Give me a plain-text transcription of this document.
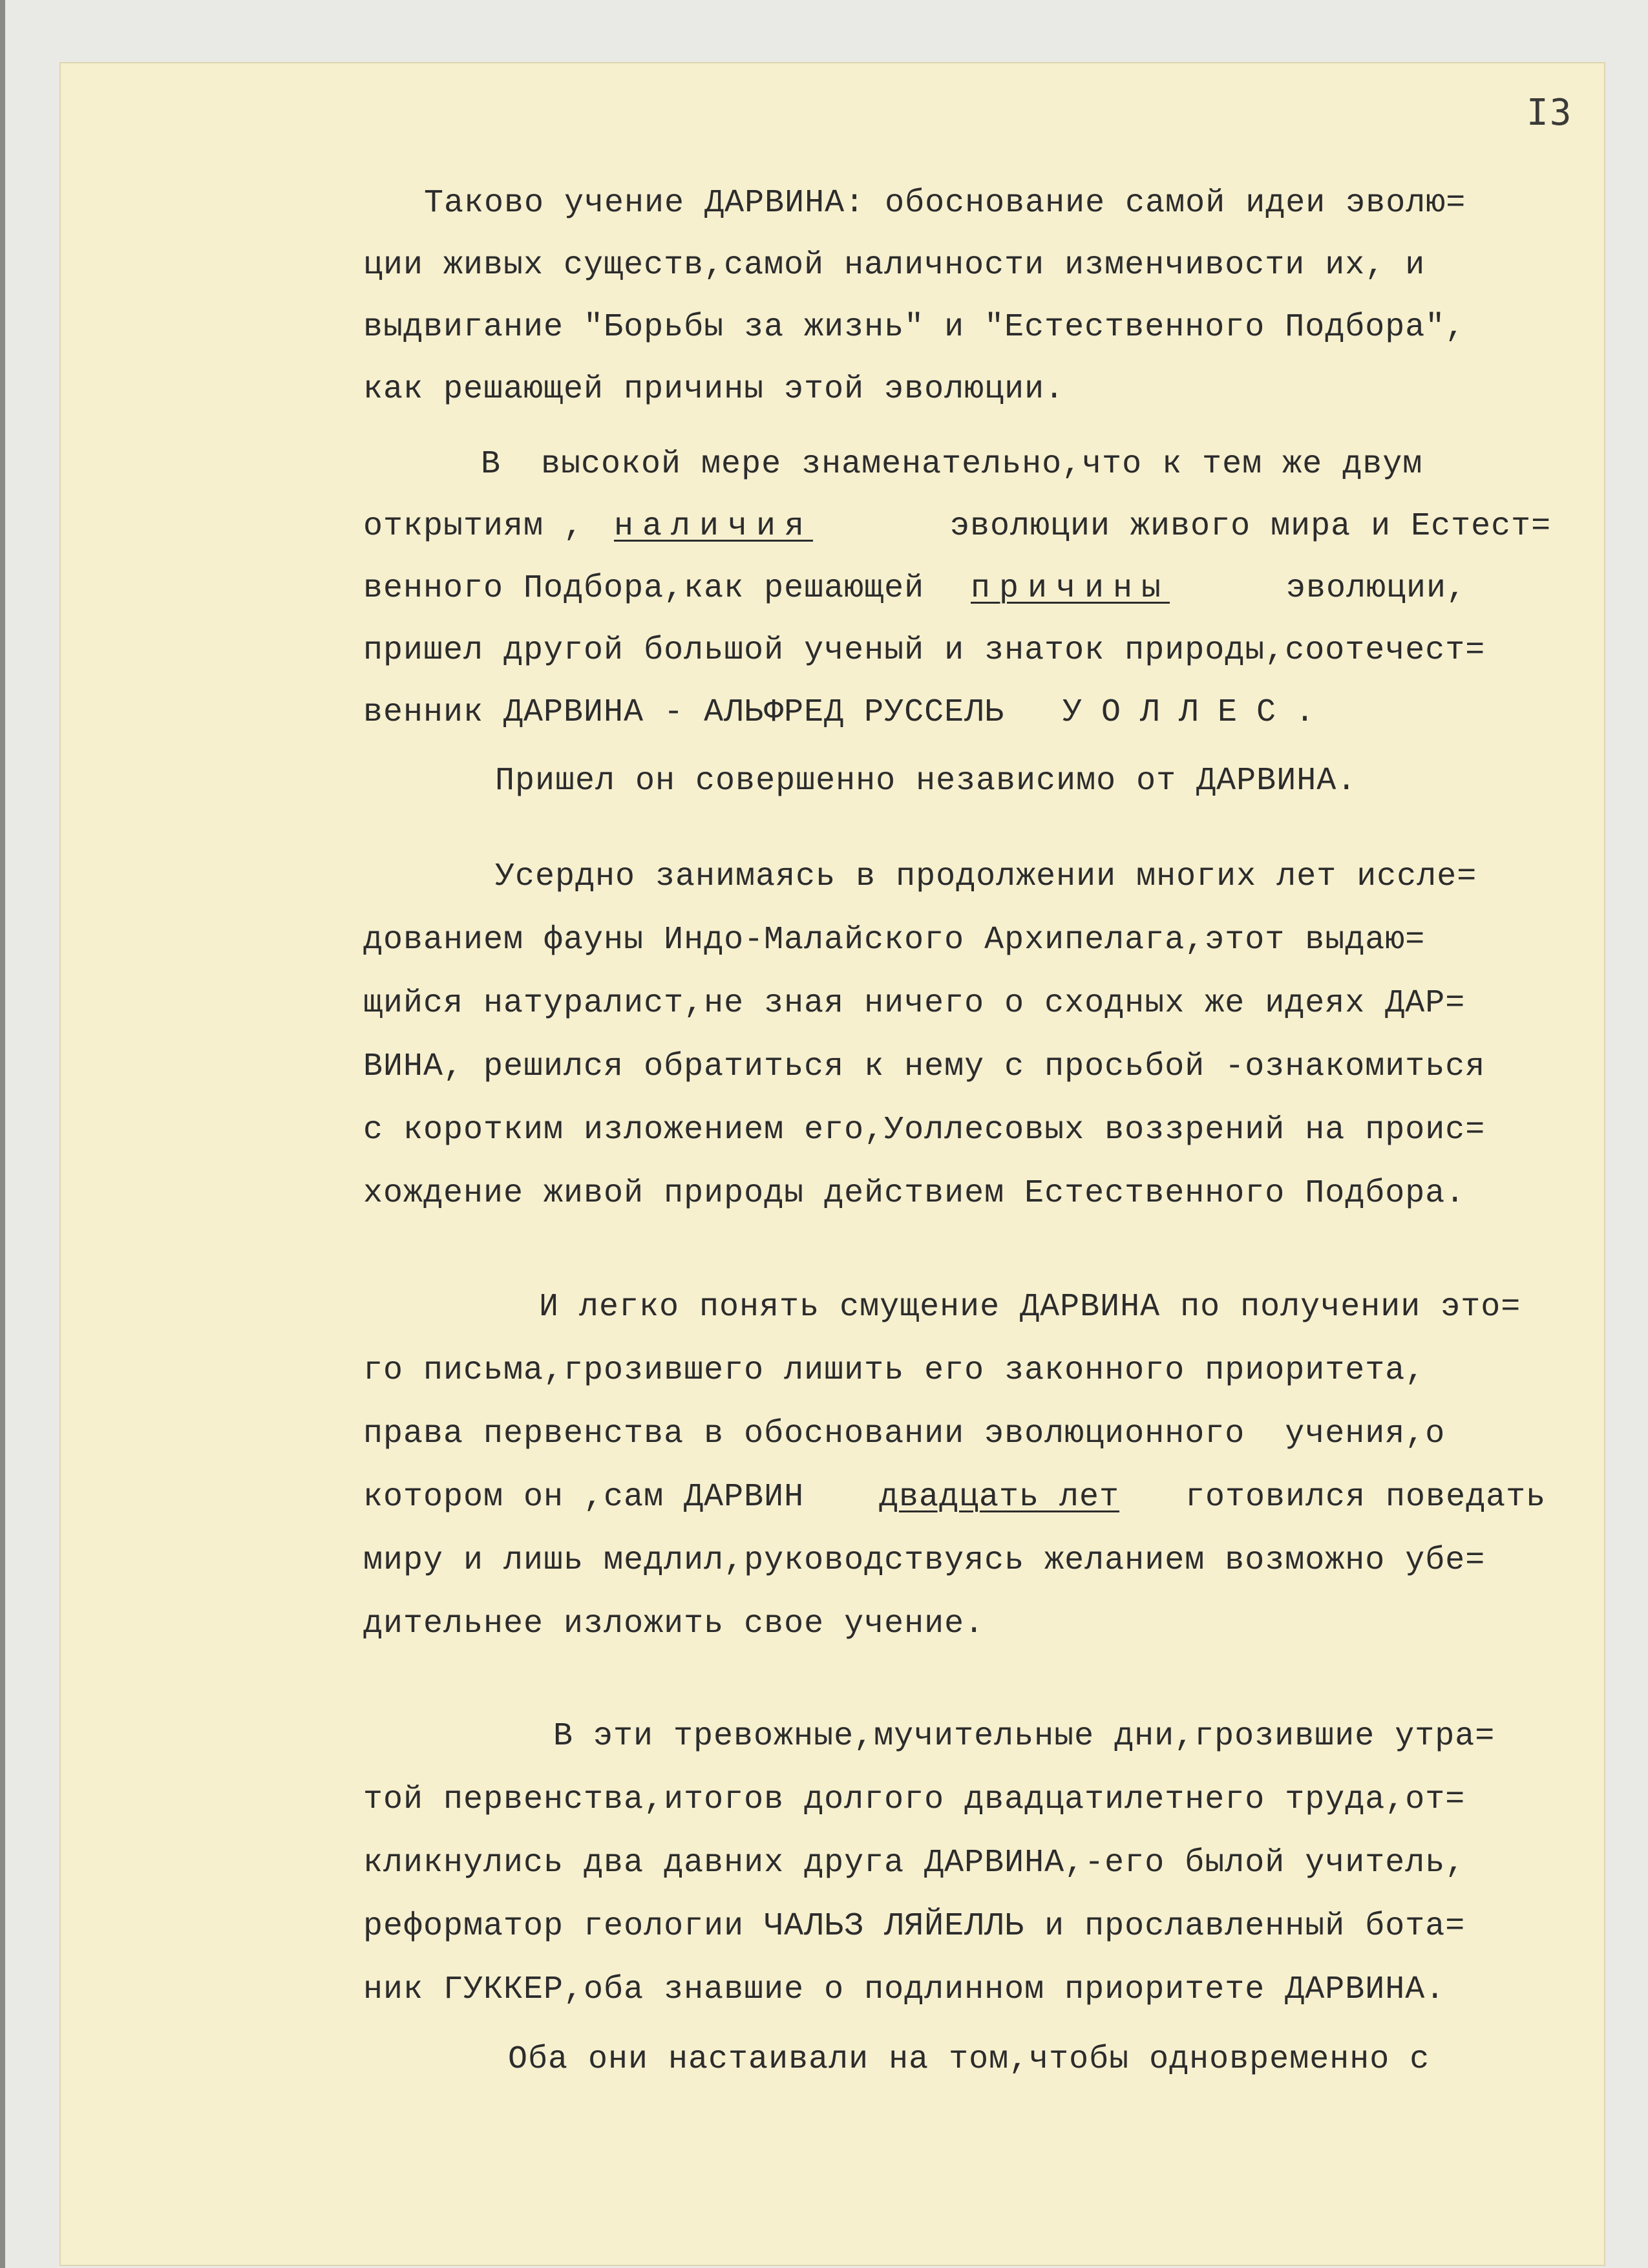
I3
Таково учение ДАРВИНА: обоснование самой идеи эволю=
ции живых существ,самой наличности изменчивости их, и
выдвигание "Борьбы за жизнь" и "Естественного Подбора",
как решающей причины этой эволюции.
В  высокой мере знаменательно,что к тем же двум
открытиям , наличия	эволюции живого мира и Естест=
венного Подбора,как решающей причины	эволюции,
пришел другой большой ученый и знаток природы,соотечест=
венник ДАРВИНА - АЛЬФРЕД РУССЕЛЬ УОЛЛЕС.
Пришел он совершенно независимо от ДАРВИНА.
Усердно занимаясь в продолжении многих лет иссле=
дованием фауны Индо-Малайского Архипелага,этот выдаю=
щийся натуралист,не зная ничего о сходных же идеях ДАР=
ВИНА, решился обратиться к нему с просьбой -ознакомиться
с коротким изложением его,Уоллесовых воззрений на проис=
хождение живой природы действием Естественного Подбора.
И легко понять смущение ДАРВИНА по получении это=
го письма,грозившего лишить его законного приоритета,
права первенства в обосновании эволюционного  учения,о
котором он ,сам ДАРВИН двадцать лет готовился поведать
миру и лишь медлил,руководствуясь желанием возможно убе=
дительнее изложить свое учение.
В эти тревожные,мучительные дни,грозившие утра=
той первенства,итогов долгого двадцатилетнего труда,от=
кликнулись два давних друга ДАРВИНА,-его былой учитель,
реформатор геологии ЧАЛЬЗ ЛЯЙЕЛЛЬ и прославленный бота=
ник ГУККЕР,оба знавшие о подлинном приоритете ДАРВИНА.
Оба они настаивали на том,чтобы одновременно с
